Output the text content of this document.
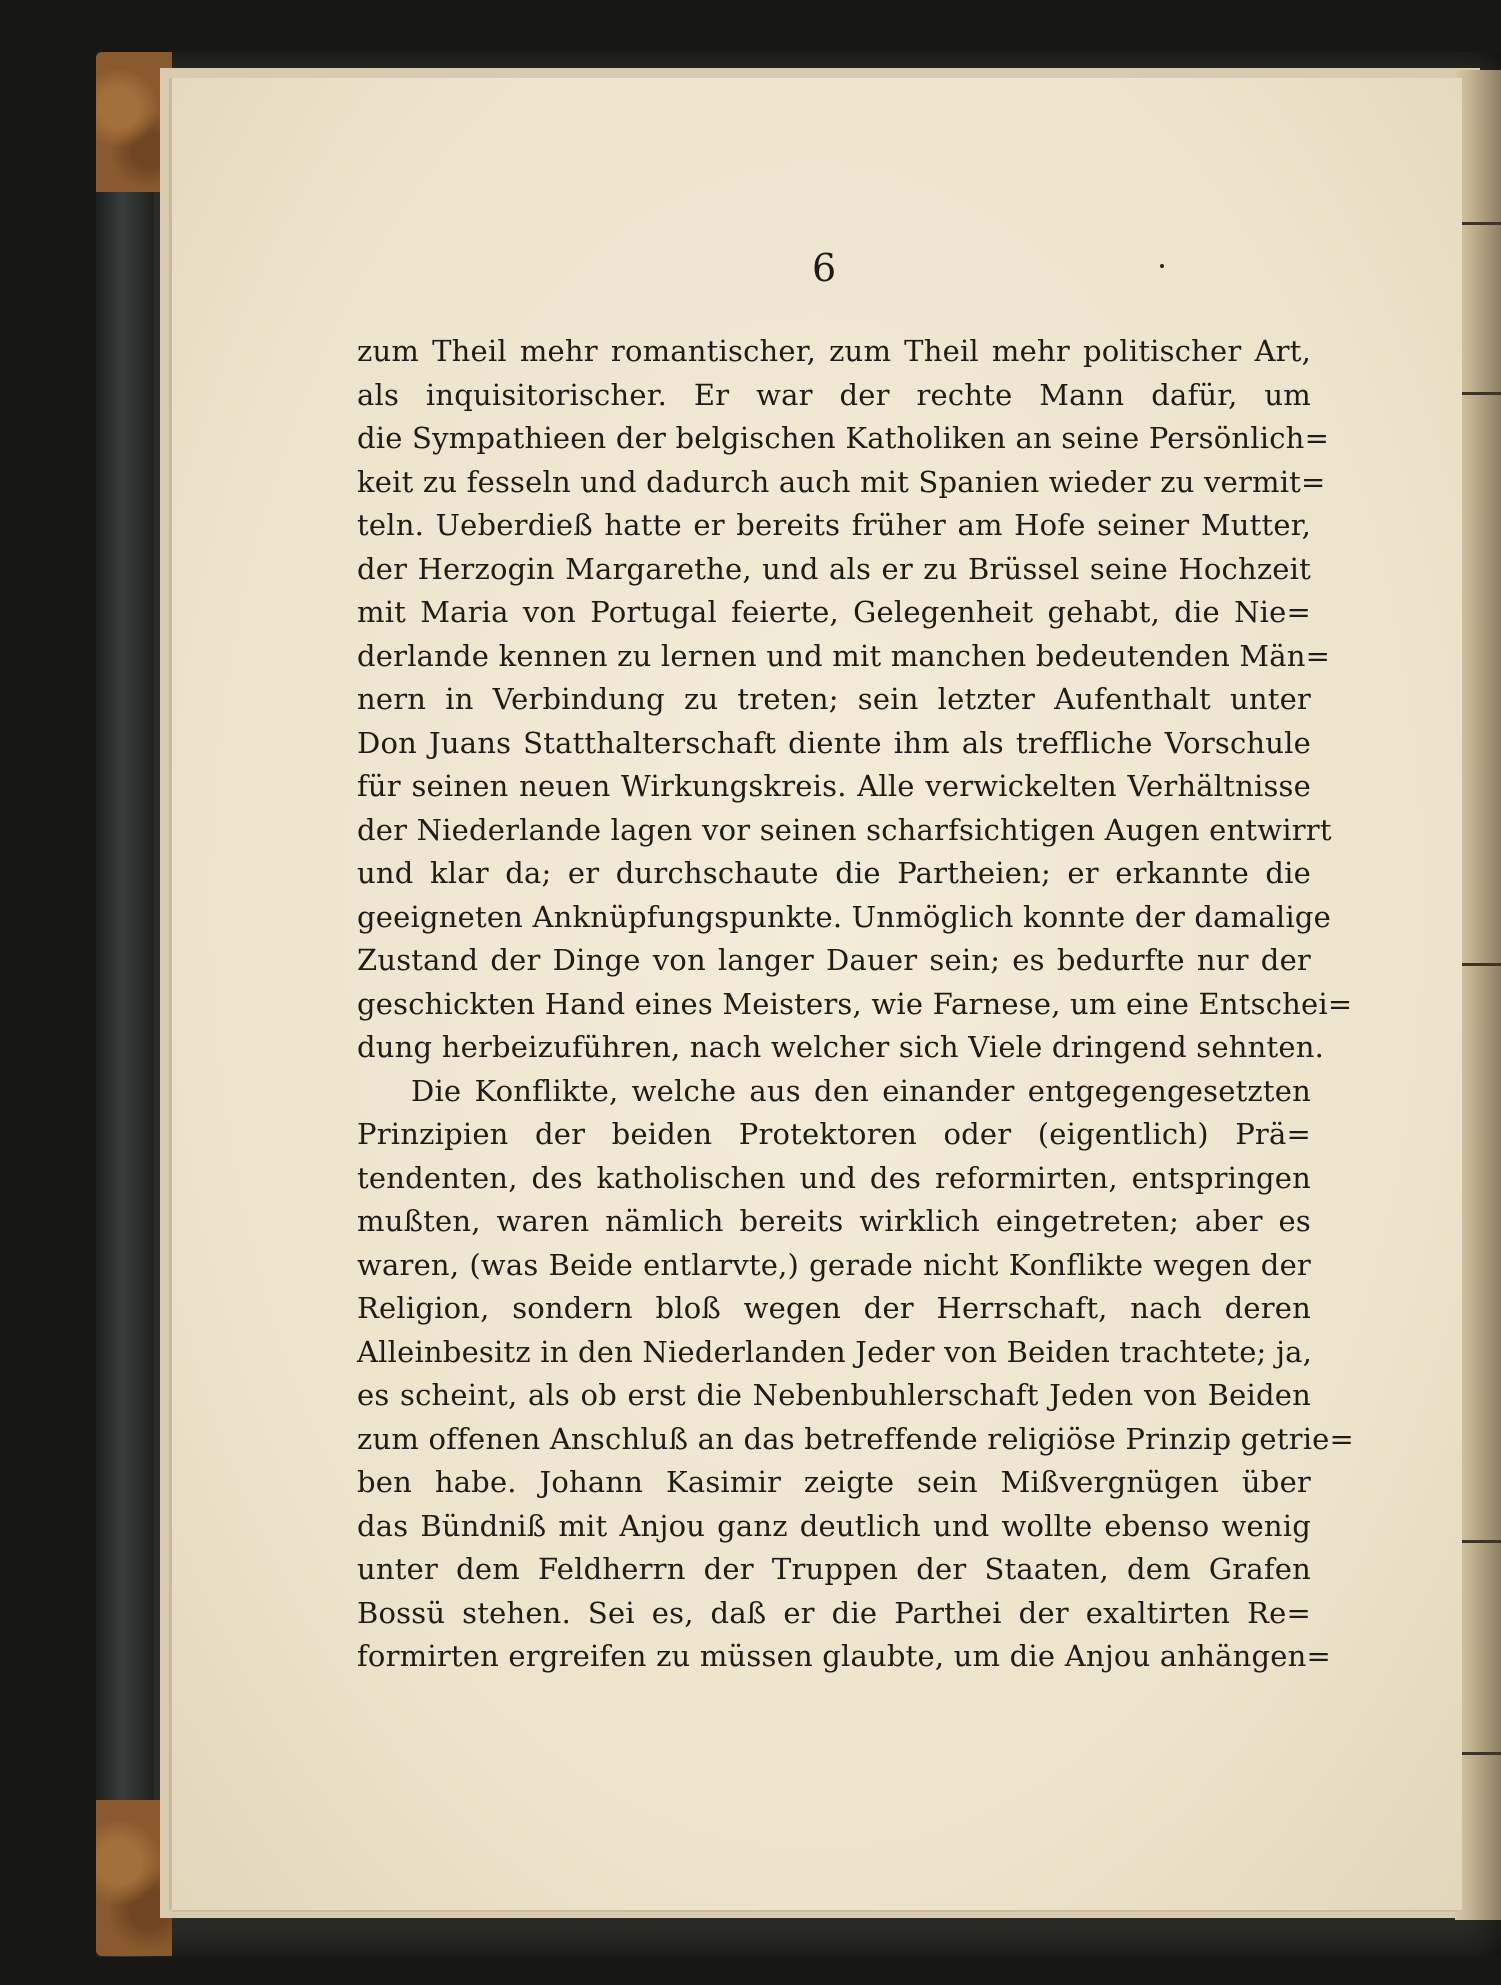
6
zum Theil mehr romantischer, zum Theil mehr politischer Art,
als inquisitorischer. Er war der rechte Mann dafür, um
die Sympathieen der belgischen Katholiken an seine Persönlich=
keit zu fesseln und dadurch auch mit Spanien wieder zu vermit=
teln. Ueberdieß hatte er bereits früher am Hofe seiner Mutter,
der Herzogin Margarethe, und als er zu Brüssel seine Hochzeit
mit Maria von Portugal feierte, Gelegenheit gehabt, die Nie=
derlande kennen zu lernen und mit manchen bedeutenden Män=
nern in Verbindung zu treten; sein letzter Aufenthalt unter
Don Juans Statthalterschaft diente ihm als treffliche Vorschule
für seinen neuen Wirkungskreis. Alle verwickelten Verhältnisse
der Niederlande lagen vor seinen scharfsichtigen Augen entwirrt
und klar da; er durchschaute die Partheien; er erkannte die
geeigneten Anknüpfungspunkte. Unmöglich konnte der damalige
Zustand der Dinge von langer Dauer sein; es bedurfte nur der
geschickten Hand eines Meisters, wie Farnese, um eine Entschei=
dung herbeizuführen, nach welcher sich Viele dringend sehnten.
Die Konflikte, welche aus den einander entgegengesetzten
Prinzipien der beiden Protektoren oder (eigentlich) Prä=
tendenten, des katholischen und des reformirten, entspringen
mußten, waren nämlich bereits wirklich eingetreten; aber es
waren, (was Beide entlarvte,) gerade nicht Konflikte wegen der
Religion, sondern bloß wegen der Herrschaft, nach deren
Alleinbesitz in den Niederlanden Jeder von Beiden trachtete; ja,
es scheint, als ob erst die Nebenbuhlerschaft Jeden von Beiden
zum offenen Anschluß an das betreffende religiöse Prinzip getrie=
ben habe. Johann Kasimir zeigte sein Mißvergnügen über
das Bündniß mit Anjou ganz deutlich und wollte ebenso wenig
unter dem Feldherrn der Truppen der Staaten, dem Grafen
Bossü stehen. Sei es, daß er die Parthei der exaltirten Re=
formirten ergreifen zu müssen glaubte, um die Anjou anhängen=
